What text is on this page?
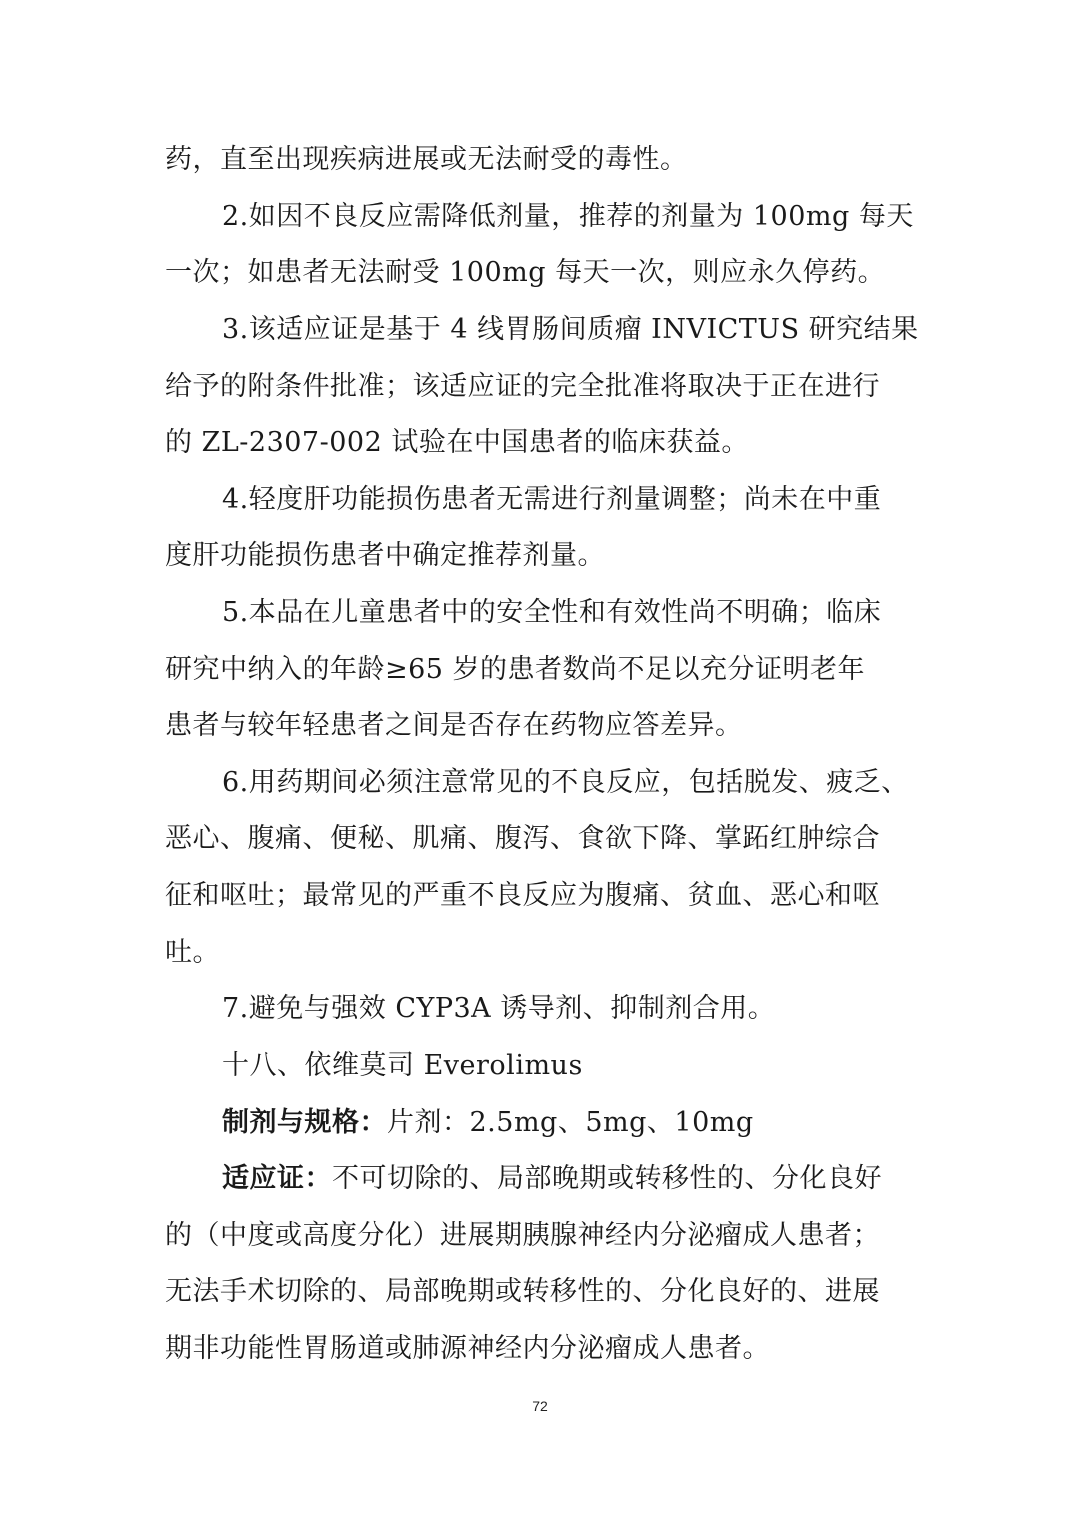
药，直至出现疾病进展或无法耐受的毒性。
2.如因不良反应需降低剂量，推荐的剂量为 100mg 每天
一次；如患者无法耐受 100mg 每天一次，则应永久停药。
3.该适应证是基于 4 线胃肠间质瘤 INVICTUS 研究结果
给予的附条件批准；该适应证的完全批准将取决于正在进行
的 ZL-2307-002 试验在中国患者的临床获益。
4.轻度肝功能损伤患者无需进行剂量调整；尚未在中重
度肝功能损伤患者中确定推荐剂量。
5.本品在儿童患者中的安全性和有效性尚不明确；临床
研究中纳入的年龄≥65 岁的患者数尚不足以充分证明老年
患者与较年轻患者之间是否存在药物应答差异。
6.用药期间必须注意常见的不良反应，包括脱发、疲乏、
恶心、腹痛、便秘、肌痛、腹泻、食欲下降、掌跖红肿综合
征和呕吐；最常见的严重不良反应为腹痛、贫血、恶心和呕
吐。
7.避免与强效 CYP3A 诱导剂、抑制剂合用。
十八、依维莫司 Everolimus
制剂与规格：片剂：2.5mg、5mg、10mg
适应证：不可切除的、局部晚期或转移性的、分化良好
的（中度或高度分化）进展期胰腺神经内分泌瘤成人患者；
无法手术切除的、局部晚期或转移性的、分化良好的、进展
期非功能性胃肠道或肺源神经内分泌瘤成人患者。
72
